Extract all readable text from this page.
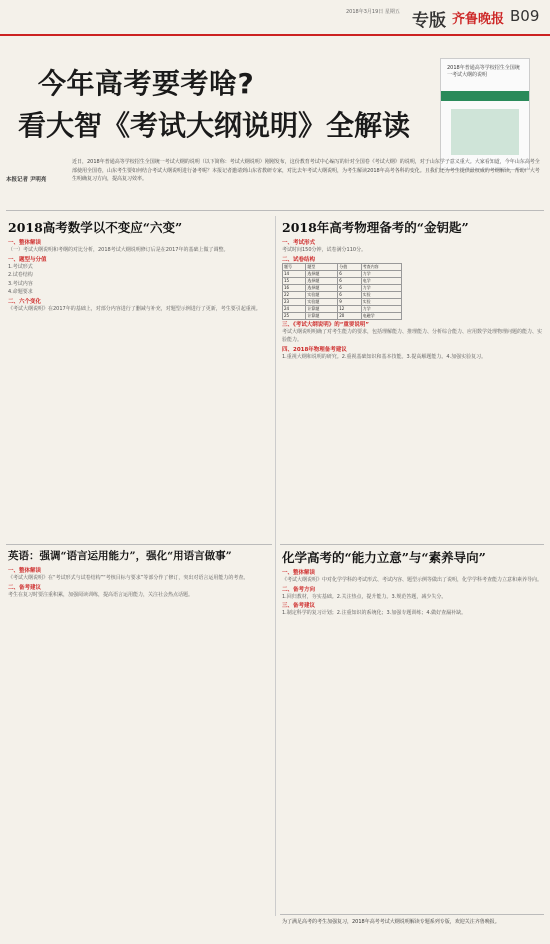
2018年3月19日 星期五 专版 齐鲁晚报 B09
今年高考要考啥?
看大智《考试大纲说明》全解读
2018年普通高等学校招生全国统一考试大纲的说明
本报记者 尹明亮
近日，2018年普通高等学校招生全国统一考试大纲的说明（以下简称：考试大纲说明）刚刚发布，这份教育考试中心编写的针对全国卷《考试大纲》的说明，对于山东学子意义重大。大家看知道，今年山东高考全部使用全国卷，山东考生要如何结合考试大纲说明进行备考呢？本报记者邀请到山东省教研专家，对比去年考试大纲说明，为考生解读2018年高考各科的变化。且我们还为考生提供最权威的考纲解读，帮助广大考生明确复习方向，提高复习效率。
2018高考数学以不变应“六变”
一、整体解读
（一）考试大纲说明和考纲的对比分析，2018考试大纲说明修订后是在2017年的基础上做了调整。
一、题型与分值
1.考试形式
2.试卷结构
3.考试内容
4.命题要求
二、六个变化
《考试大纲说明》在2017年的基础上，对部分内容进行了删减与补充，对题型示例进行了更新，考生要引起重视。
英语：强调“语言运用能力”，强化“用语言做事”
一、整体解读
《考试大纲说明》在“考试形式与试卷结构”“考核目标与要求”等部分作了修订，突出对语言运用能力的考查。
二、备考建议
考生在复习时要注重积累，加强阅读训练，提高语言运用能力，关注社会热点话题。
2018年高考物理备考的“金钥匙”
一、考试形式
考试时间150分钟，试卷满分110分。
二、试卷结构
题号	题型	分值	考查内容
14	选择题	6	力学
15	选择题	6	电学
16	选择题	6	力学
22	实验题	6	实验
23	实验题	9	实验
24	计算题	12	力学
25	计算题	20	电磁学
三、《考试大纲说明》的“重要说明”
考试大纲说明明确了对考生能力的要求，包括理解能力、推理能力、分析综合能力、应用数学处理物理问题的能力、实验能力。
四、2018年物理备考建议
1.重视大纲和说明的研究。2.重视基础知识和基本技能。3.提高解题能力。4.加强实验复习。
化学高考的“能力立意”与“素养导向”
一、整体解读
《考试大纲说明》中对化学学科的考试形式、考试内容、题型示例等做出了说明，化学学科考查能力立意和素养导向。
二、备考方向
1.回归教材，夯实基础。2.关注热点，提升能力。3.规范答题，减少失分。
三、备考建议
1.制定科学的复习计划；2.注重知识的系统化；3.加强专题训练；4.做好查漏补缺。
为了满足高考的考生加强复习，2018年高考考试大纲说明解读专题系列专版，欢迎关注齐鲁晚报。
